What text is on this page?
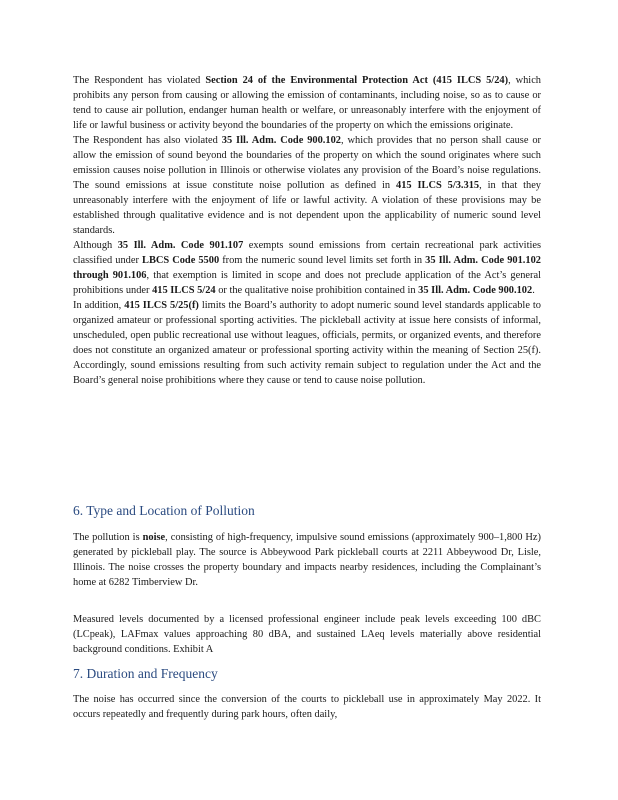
The Respondent has violated Section 24 of the Environmental Protection Act (415 ILCS 5/24), which prohibits any person from causing or allowing the emission of contaminants, including noise, so as to cause or tend to cause air pollution, endanger human health or welfare, or unreasonably interfere with the enjoyment of life or lawful business or activity beyond the boundaries of the property on which the emissions originate.

The Respondent has also violated 35 Ill. Adm. Code 900.102, which provides that no person shall cause or allow the emission of sound beyond the boundaries of the property on which the sound originates where such emission causes noise pollution in Illinois or otherwise violates any provision of the Board’s noise regulations. The sound emissions at issue constitute noise pollution as defined in 415 ILCS 5/3.315, in that they unreasonably interfere with the enjoyment of life or lawful activity. A violation of these provisions may be established through qualitative evidence and is not dependent upon the applicability of numeric sound level standards.

Although 35 Ill. Adm. Code 901.107 exempts sound emissions from certain recreational park activities classified under LBCS Code 5500 from the numeric sound level limits set forth in 35 Ill. Adm. Code 901.102 through 901.106, that exemption is limited in scope and does not preclude application of the Act’s general prohibitions under 415 ILCS 5/24 or the qualitative noise prohibition contained in 35 Ill. Adm. Code 900.102.

In addition, 415 ILCS 5/25(f) limits the Board’s authority to adopt numeric sound level standards applicable to organized amateur or professional sporting activities. The pickleball activity at issue here consists of informal, unscheduled, open public recreational use without leagues, officials, permits, or organized events, and therefore does not constitute an organized amateur or professional sporting activity within the meaning of Section 25(f). Accordingly, sound emissions resulting from such activity remain subject to regulation under the Act and the Board’s general noise prohibitions where they cause or tend to cause noise pollution.

6. Type and Location of Pollution

The pollution is noise, consisting of high-frequency, impulsive sound emissions (approximately 900–1,800 Hz) generated by pickleball play. The source is Abbeywood Park pickleball courts at 2211 Abbeywood Dr, Lisle, Illinois. The noise crosses the property boundary and impacts nearby residences, including the Complainant’s home at 6282 Timberview Dr.

Measured levels documented by a licensed professional engineer include peak levels exceeding 100 dBC (LCpeak), LAFmax values approaching 80 dBA, and sustained LAeq levels materially above residential background conditions. Exhibit A

7. Duration and Frequency

The noise has occurred since the conversion of the courts to pickleball use in approximately May 2022. It occurs repeatedly and frequently during park hours, often daily,
